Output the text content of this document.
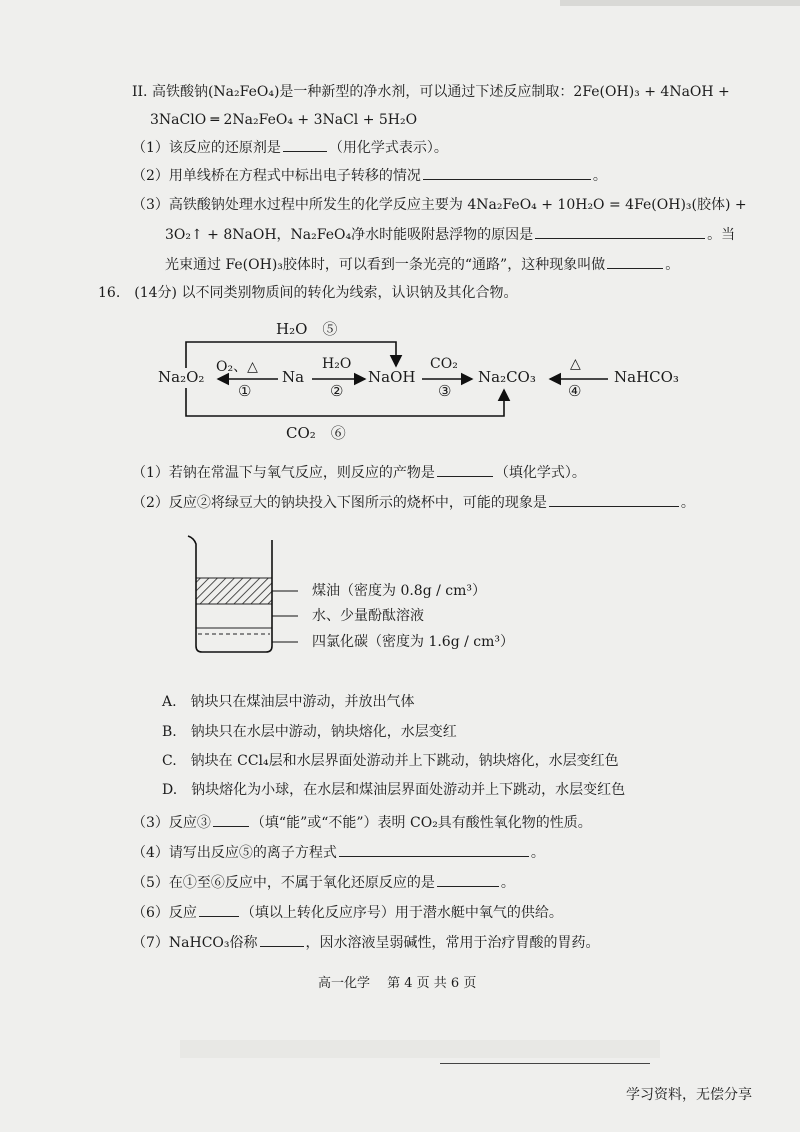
II. 高铁酸钠(Na₂FeO₄)是一种新型的净水剂，可以通过下述反应制取：2Fe(OH)₃ + 4NaOH +
3NaClO ═ 2Na₂FeO₄ + 3NaCl + 5H₂O
（1）该反应的还原剂是	（用化学式表示）。
（2）用单线桥在方程式中标出电子转移的情况	。
（3）高铁酸钠处理水过程中所发生的化学反应主要为 4Na₂FeO₄ + 10H₂O = 4Fe(OH)₃(胶体) +
3O₂↑ + 8NaOH，Na₂FeO₄净水时能吸附悬浮物的原因是	。当
光束通过 Fe(OH)₃胶体时，可以看到一条光亮的“通路”，这种现象叫做	。
16.　(14分) 以不同类别物质间的转化为线索，认识钠及其化合物。
Na₂O₂	Na	NaOH	Na₂CO₃	NaHCO₃
H₂O　⑤
O₂、△
①
H₂O
②
CO₂
③
△
④
CO₂　⑥
（1）若钠在常温下与氧气反应，则反应的产物是	（填化学式）。
（2）反应②将绿豆大的钠块投入下图所示的烧杯中，可能的现象是	。
煤油（密度为 0.8g / cm³）
水、少量酚酞溶液
四氯化碳（密度为 1.6g / cm³）
A.　钠块只在煤油层中游动，并放出气体
B.　钠块只在水层中游动，钠块熔化，水层变红
C.　钠块在 CCl₄层和水层界面处游动并上下跳动，钠块熔化，水层变红色
D.　钠块熔化为小球，在水层和煤油层界面处游动并上下跳动，水层变红色
（3）反应③	（填“能”或“不能”）表明 CO₂具有酸性氧化物的性质。
（4）请写出反应⑤的离子方程式	。
（5）在①至⑥反应中，不属于氧化还原反应的是	。
（6）反应	（填以上转化反应序号）用于潜水艇中氧气的供给。
（7）NaHCO₃俗称	，因水溶液呈弱碱性，常用于治疗胃酸的胃药。
高一化学　 第 4 页 共 6 页
学习资料，无偿分享
